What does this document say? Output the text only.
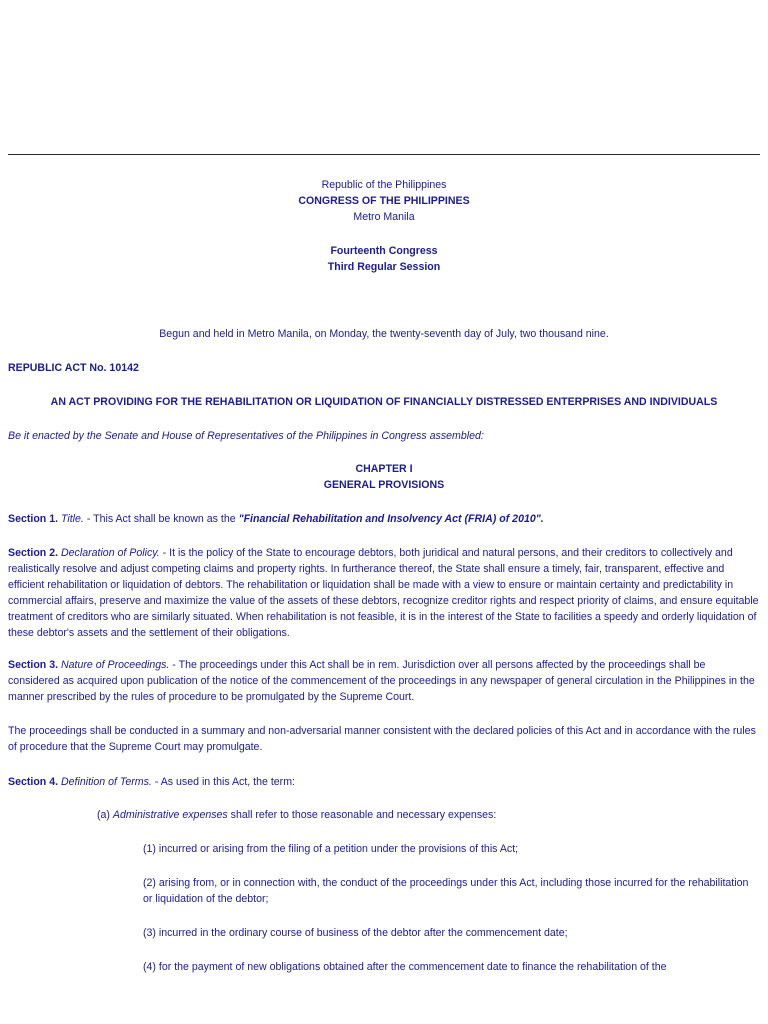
Republic of the Philippines

CONGRESS OF THE PHILIPPINES

Metro Manila

Fourteenth Congress

Third Regular Session

Begun and held in Metro Manila, on Monday, the twenty-seventh day of July, two thousand nine.

REPUBLIC ACT No. 10142

AN ACT PROVIDING FOR THE REHABILITATION OR LIQUIDATION OF FINANCIALLY DISTRESSED ENTERPRISES AND INDIVIDUALS

Be it enacted by the Senate and House of Representatives of the Philippines in Congress assembled:

CHAPTER I

GENERAL PROVISIONS

Section 1. Title. - This Act shall be known as the "Financial Rehabilitation and Insolvency Act (FRIA) of 2010".

Section 2. Declaration of Policy. - It is the policy of the State to encourage debtors, both juridical and natural persons, and their creditors to collectively and realistically resolve and adjust competing claims and property rights. In furtherance thereof, the State shall ensure a timely, fair, transparent, effective and efficient rehabilitation or liquidation of debtors. The rehabilitation or liquidation shall be made with a view to ensure or maintain certainty and predictability in commercial affairs, preserve and maximize the value of the assets of these debtors, recognize creditor rights and respect priority of claims, and ensure equitable treatment of creditors who are similarly situated. When rehabilitation is not feasible, it is in the interest of the State to facilities a speedy and orderly liquidation of these debtor's assets and the settlement of their obligations.

Section 3. Nature of Proceedings. - The proceedings under this Act shall be in rem. Jurisdiction over all persons affected by the proceedings shall be considered as acquired upon publication of the notice of the commencement of the proceedings in any newspaper of general circulation in the Philippines in the manner prescribed by the rules of procedure to be promulgated by the Supreme Court.

The proceedings shall be conducted in a summary and non-adversarial manner consistent with the declared policies of this Act and in accordance with the rules of procedure that the Supreme Court may promulgate.

Section 4. Definition of Terms. - As used in this Act, the term:

(a) Administrative expenses shall refer to those reasonable and necessary expenses:

(1) incurred or arising from the filing of a petition under the provisions of this Act;

(2) arising from, or in connection with, the conduct of the proceedings under this Act, including those incurred for the rehabilitation or liquidation of the debtor;

(3) incurred in the ordinary course of business of the debtor after the commencement date;

(4) for the payment of new obligations obtained after the commencement date to finance the rehabilitation of the
